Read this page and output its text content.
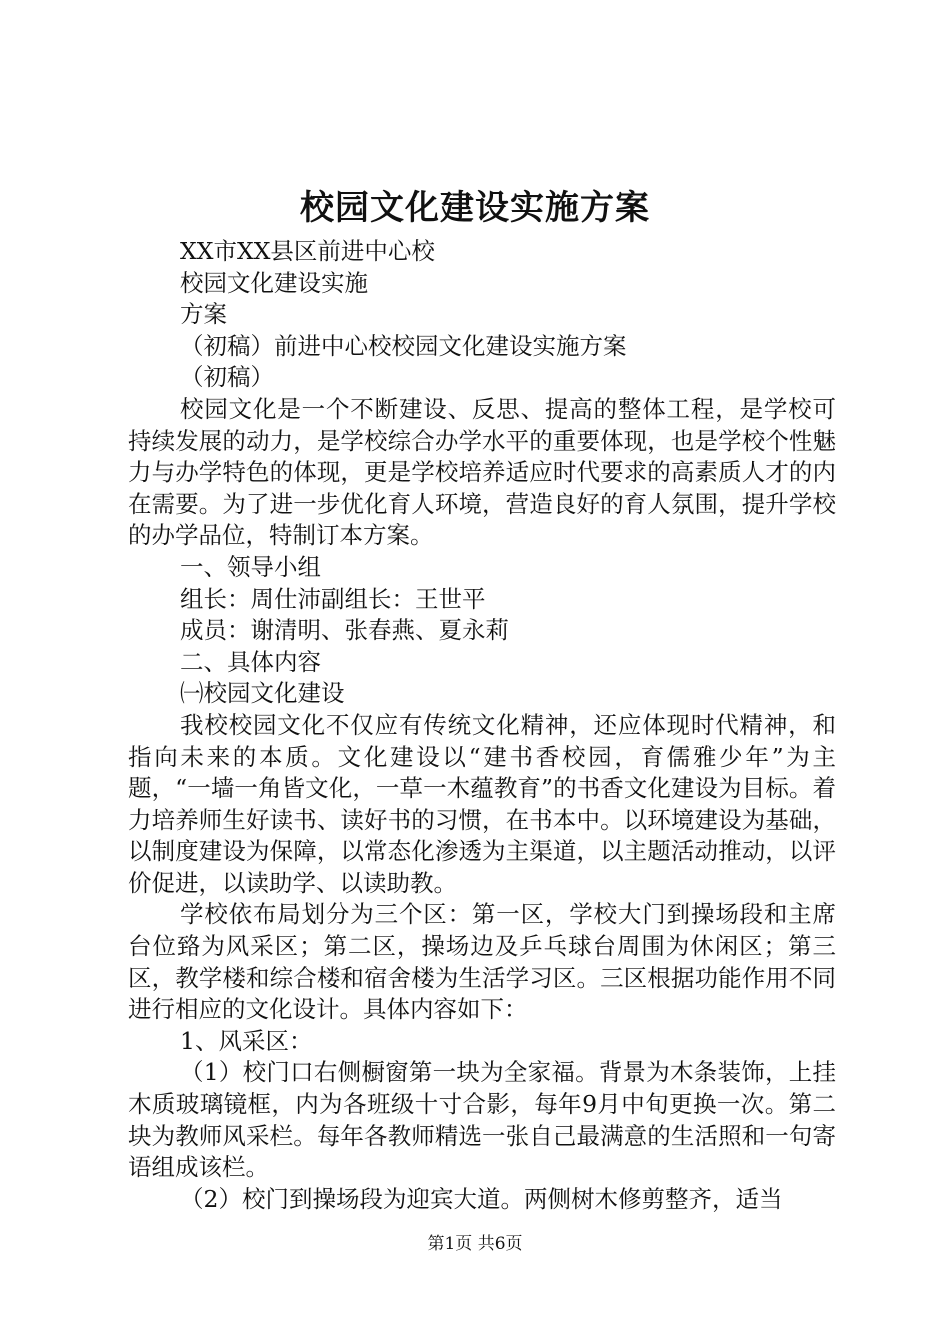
校园文化建设实施方案

XX市XX县区前进中心校

校园文化建设实施

方案

（初稿）前进中心校校园文化建设实施方案

（初稿）

校园文化是一个不断建设、反思、提高的整体工程，是学校可持续发展的动力，是学校综合办学水平的重要体现，也是学校个性魅力与办学特色的体现，更是学校培养适应时代要求的高素质人才的内在需要。为了进一步优化育人环境，营造良好的育人氛围，提升学校的办学品位，特制订本方案。

一、领导小组

组长：周仕沛副组长：王世平

成员：谢清明、张春燕、夏永莉

二、具体内容

㈠校园文化建设

我校校园文化不仅应有传统文化精神，还应体现时代精神，和指向未来的本质。文化建设以“建书香校园，育儒雅少年”为主题，“一墙一角皆文化，一草一木蕴教育”的书香文化建设为目标。着力培养师生好读书、读好书的习惯，在书本中。以环境建设为基础，以制度建设为保障，以常态化渗透为主渠道，以主题活动推动，以评价促进，以读助学、以读助教。

学校依布局划分为三个区：第一区，学校大门到操场段和主席台位臵为风采区；第二区，操场边及乒乓球台周围为休闲区；第三区，教学楼和综合楼和宿舍楼为生活学习区。三区根据功能作用不同进行相应的文化设计。具体内容如下：

1、风采区：

（1）校门口右侧橱窗第一块为全家福。背景为木条装饰，上挂木质玻璃镜框，内为各班级十寸合影，每年9月中旬更换一次。第二块为教师风采栏。每年各教师精选一张自己最满意的生活照和一句寄语组成该栏。

（2）校门到操场段为迎宾大道。两侧树木修剪整齐，适当

第1页 共6页
